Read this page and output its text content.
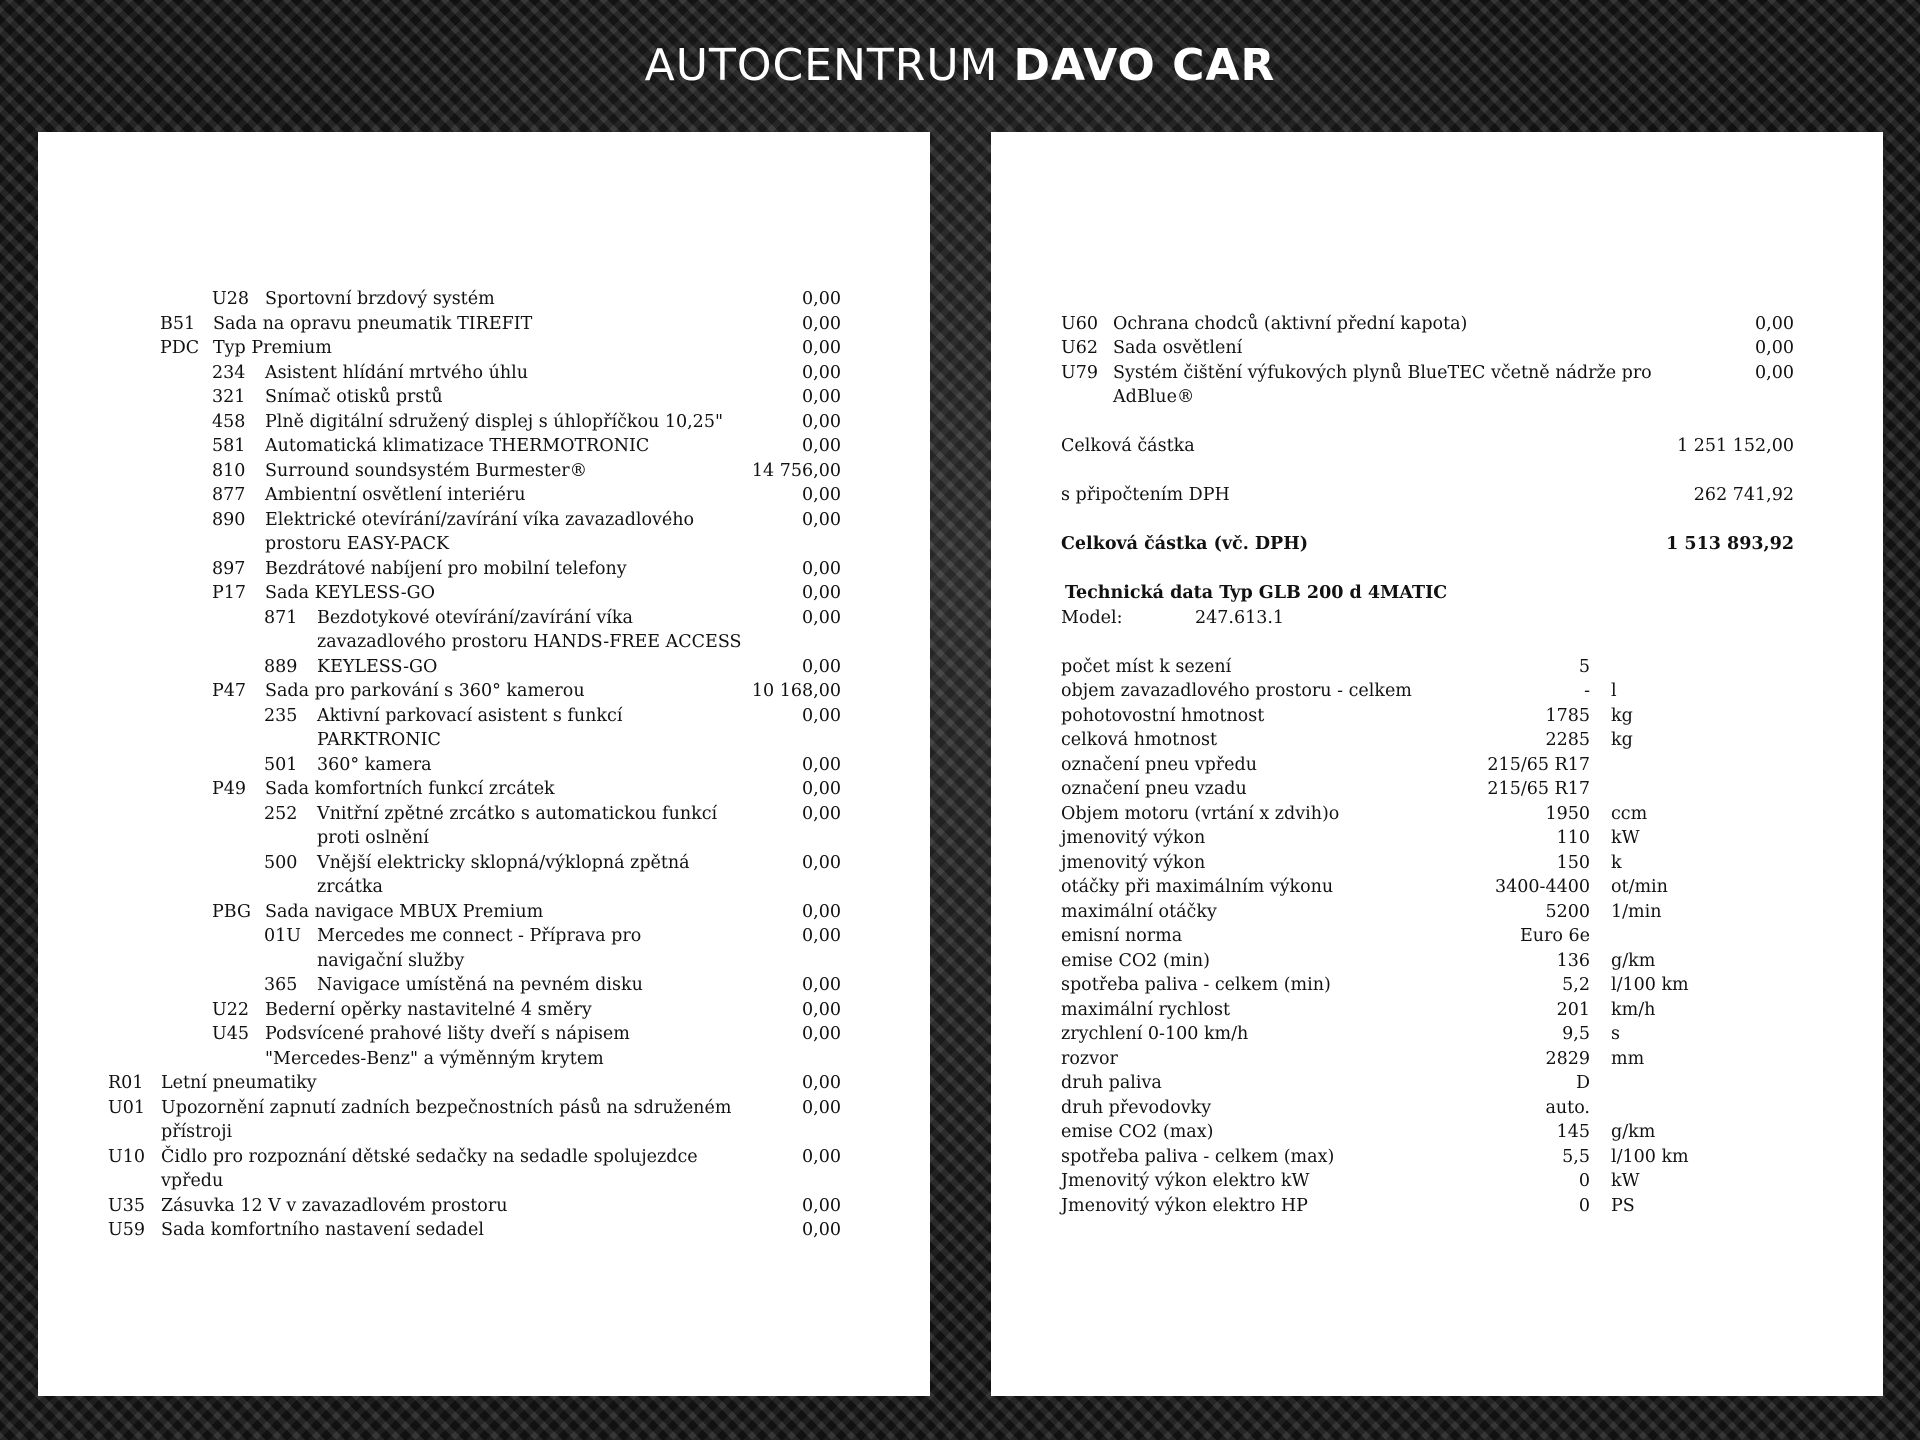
AUTOCENTRUM DAVO CAR
U28 Sportovní brzdový systém	0,00
B51 Sada na opravu pneumatik TIREFIT	0,00
PDC Typ Premium	0,00
234 Asistent hlídání mrtvého úhlu	0,00
321 Snímač otisků prstů	0,00
458 Plně digitální sdružený displej s úhlopříčkou 10,25"	0,00
581 Automatická klimatizace THERMOTRONIC	0,00
810 Surround soundsystém Burmester®	14 756,00
877 Ambientní osvětlení interiéru	0,00
890 Elektrické otevírání/zavírání víka zavazadlového	0,00
prostoru EASY-PACK
897 Bezdrátové nabíjení pro mobilní telefony	0,00
P17 Sada KEYLESS-GO	0,00
871 Bezdotykové otevírání/zavírání víka	0,00
zavazadlového prostoru HANDS-FREE ACCESS
889 KEYLESS-GO	0,00
P47 Sada pro parkování s 360° kamerou	10 168,00
235 Aktivní parkovací asistent s funkcí	0,00
PARKTRONIC
501 360° kamera	0,00
P49 Sada komfortních funkcí zrcátek	0,00
252 Vnitřní zpětné zrcátko s automatickou funkcí	0,00
proti oslnění
500 Vnější elektricky sklopná/výklopná zpětná	0,00
zrcátka
PBG Sada navigace MBUX Premium	0,00
01U Mercedes me connect - Příprava pro	0,00
navigační služby
365 Navigace umístěná na pevném disku	0,00
U22 Bederní opěrky nastavitelné 4 směry	0,00
U45 Podsvícené prahové lišty dveří s nápisem	0,00
"Mercedes-Benz" a výměnným krytem
R01 Letní pneumatiky	0,00
U01 Upozornění zapnutí zadních bezpečnostních pásů na sdruženém	0,00
přístroji
U10 Čidlo pro rozpoznání dětské sedačky na sedadle spolujezdce	0,00
vpředu
U35 Zásuvka 12 V v zavazadlovém prostoru	0,00
U59 Sada komfortního nastavení sedadel	0,00
U60 Ochrana chodců (aktivní přední kapota)	0,00
U62 Sada osvětlení	0,00
U79 Systém čištění výfukových plynů BlueTEC včetně nádrže pro	0,00
AdBlue®
Celková částka	1 251 152,00
s připočtením DPH	262 741,92
Celková částka (vč. DPH)	1 513 893,92
Technická data Typ GLB 200 d 4MATIC
Model:	247.613.1
počet míst k sezení	5
objem zavazadlového prostoru - celkem	- l
pohotovostní hmotnost	1785 kg
celková hmotnost	2285 kg
označení pneu vpředu	215/65 R17
označení pneu vzadu	215/65 R17
Objem motoru (vrtání x zdvih)o	1950 ccm
jmenovitý výkon	110 kW
jmenovitý výkon	150 k
otáčky při maximálním výkonu	3400-4400 ot/min
maximální otáčky	5200 1/min
emisní norma	Euro 6e
emise CO2 (min)	136 g/km
spotřeba paliva - celkem (min)	5,2 l/100 km
maximální rychlost	201 km/h
zrychlení 0-100 km/h	9,5 s
rozvor	2829 mm
druh paliva	D
druh převodovky	auto.
emise CO2 (max)	145 g/km
spotřeba paliva - celkem (max)	5,5 l/100 km
Jmenovitý výkon elektro kW	0 kW
Jmenovitý výkon elektro HP	0 PS
